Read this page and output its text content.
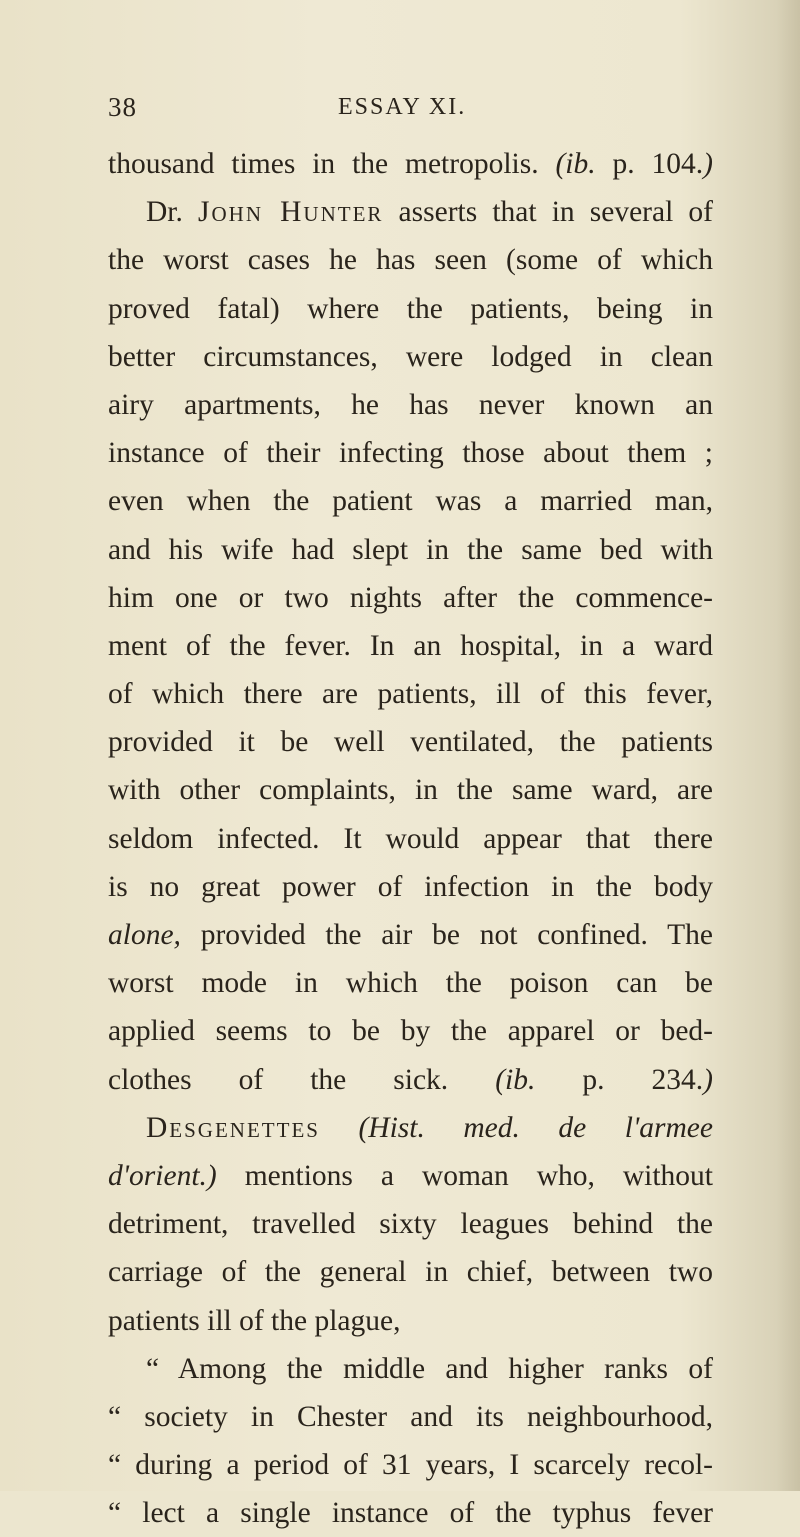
38	ESSAY XI.
thousand times in the metropolis. (ib. p. 104.)
Dr. John Hunter asserts that in several of
the worst cases he has seen (some of which
proved fatal) where the patients, being in
better circumstances, were lodged in clean
airy apartments, he has never known an
instance of their infecting those about them ;
even when the patient was a married man,
and his wife had slept in the same bed with
him one or two nights after the commence-
ment of the fever. In an hospital, in a ward
of which there are patients, ill of this fever,
provided it be well ventilated, the patients
with other complaints, in the same ward, are
seldom infected. It would appear that there
is no great power of infection in the body
alone, provided the air be not confined. The
worst mode in which the poison can be
applied seems to be by the apparel or bed-
clothes of the sick. (ib. p. 234.)
Desgenettes (Hist. med. de l'armee
d'orient.) mentions a woman who, without
detriment, travelled sixty leagues behind the
carriage of the general in chief, between two
patients ill of the plague,
“ Among the middle and higher ranks of
“ society in Chester and its neighbourhood,
“ during a period of 31 years, I scarcely recol-
“ lect a single instance of the typhus fever
